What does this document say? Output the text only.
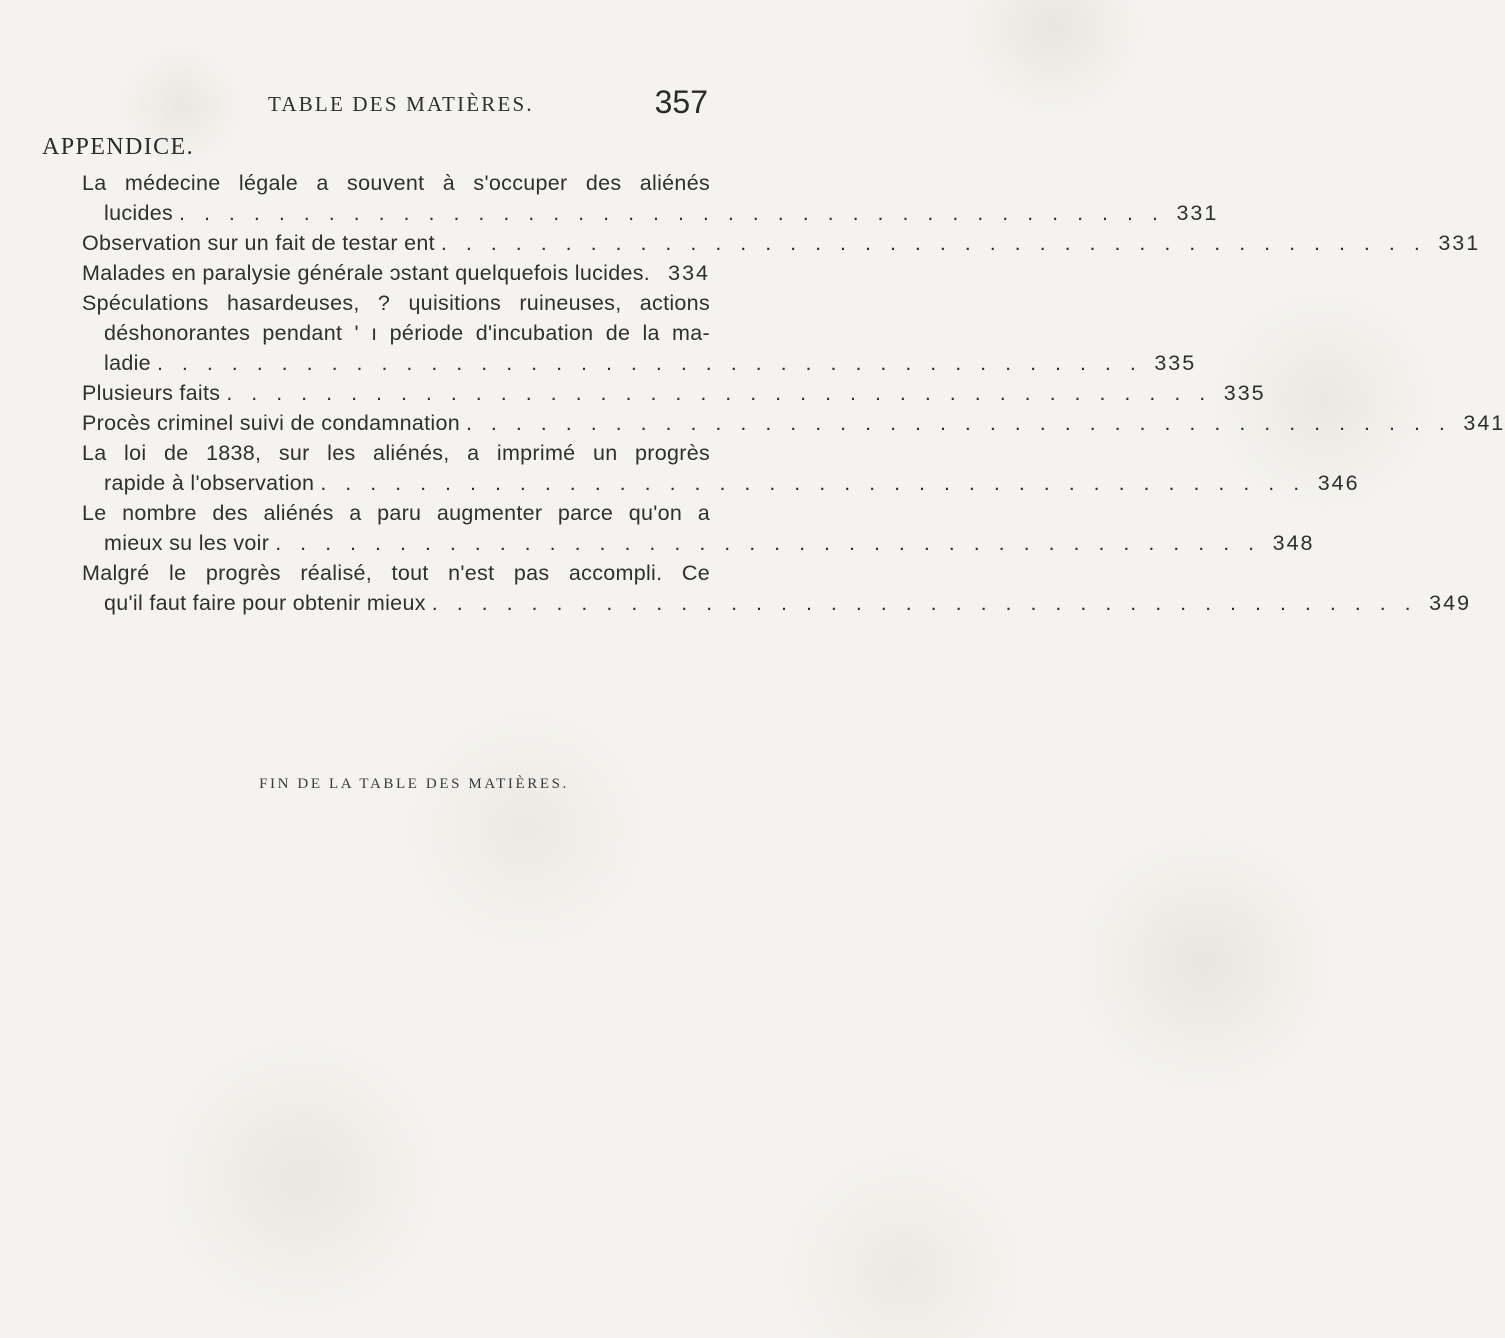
TABLE DES MATIÈRES.	357
APPENDICE.
La médecine légale a souvent à s'occuper des aliénés
lucides . . . . . . . . . . . . . . . . . . . . . . . . . . . . . . . . . . . . . . . . 331
Observation sur un fait de testar ent . . . . . . . . . . . . . . . . . . . . . . . . . . . . . . . . . . . . . . . . 331
Malades en paralysie générale ɔstant quelquefois lucides. 334
Spéculations hasardeuses, ? ɥuisitions ruineuses, actions
déshonorantes pendant ' ı période d'incubation de la ma-
ladie . . . . . . . . . . . . . . . . . . . . . . . . . . . . . . . . . . . . . . . . 335
Plusieurs faits . . . . . . . . . . . . . . . . . . . . . . . . . . . . . . . . . . . . . . . . 335
Procès criminel suivi de condamnation . . . . . . . . . . . . . . . . . . . . . . . . . . . . . . . . . . . . . . . . 341
La loi de 1838, sur les aliénés, a imprimé un progrès
rapide à l'observation . . . . . . . . . . . . . . . . . . . . . . . . . . . . . . . . . . . . . . . . 346
Le nombre des aliénés a paru augmenter parce qu'on a
mieux su les voir . . . . . . . . . . . . . . . . . . . . . . . . . . . . . . . . . . . . . . . . 348
Malgré le progrès réalisé, tout n'est pas accompli. Ce
qu'il faut faire pour obtenir mieux . . . . . . . . . . . . . . . . . . . . . . . . . . . . . . . . . . . . . . . . 349
FIN DE LA TABLE DES MATIÈRES.
